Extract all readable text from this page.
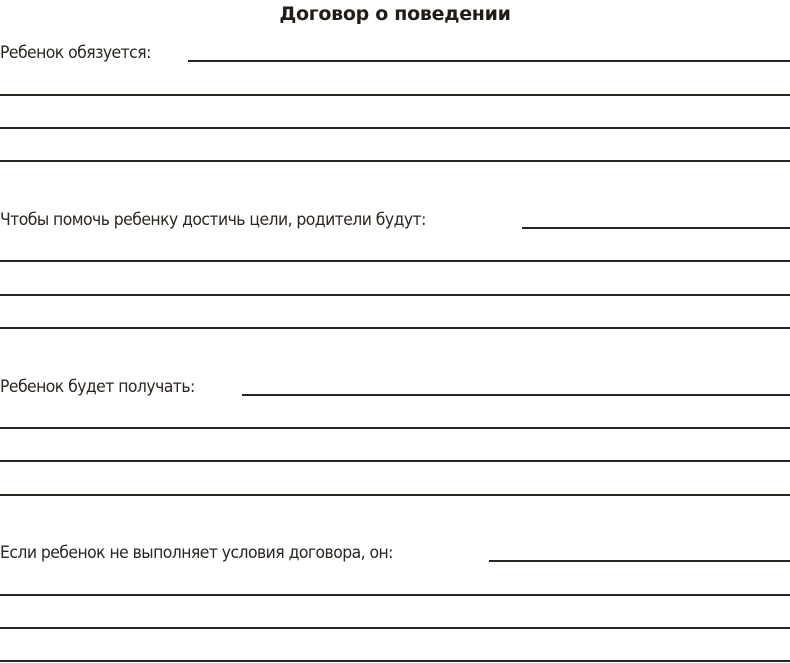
Договор о поведении
Ребенок обязуется:
Чтобы помочь ребенку достичь цели, родители будут:
Ребенок будет получать:
Если ребенок не выполняет условия договора, он:
